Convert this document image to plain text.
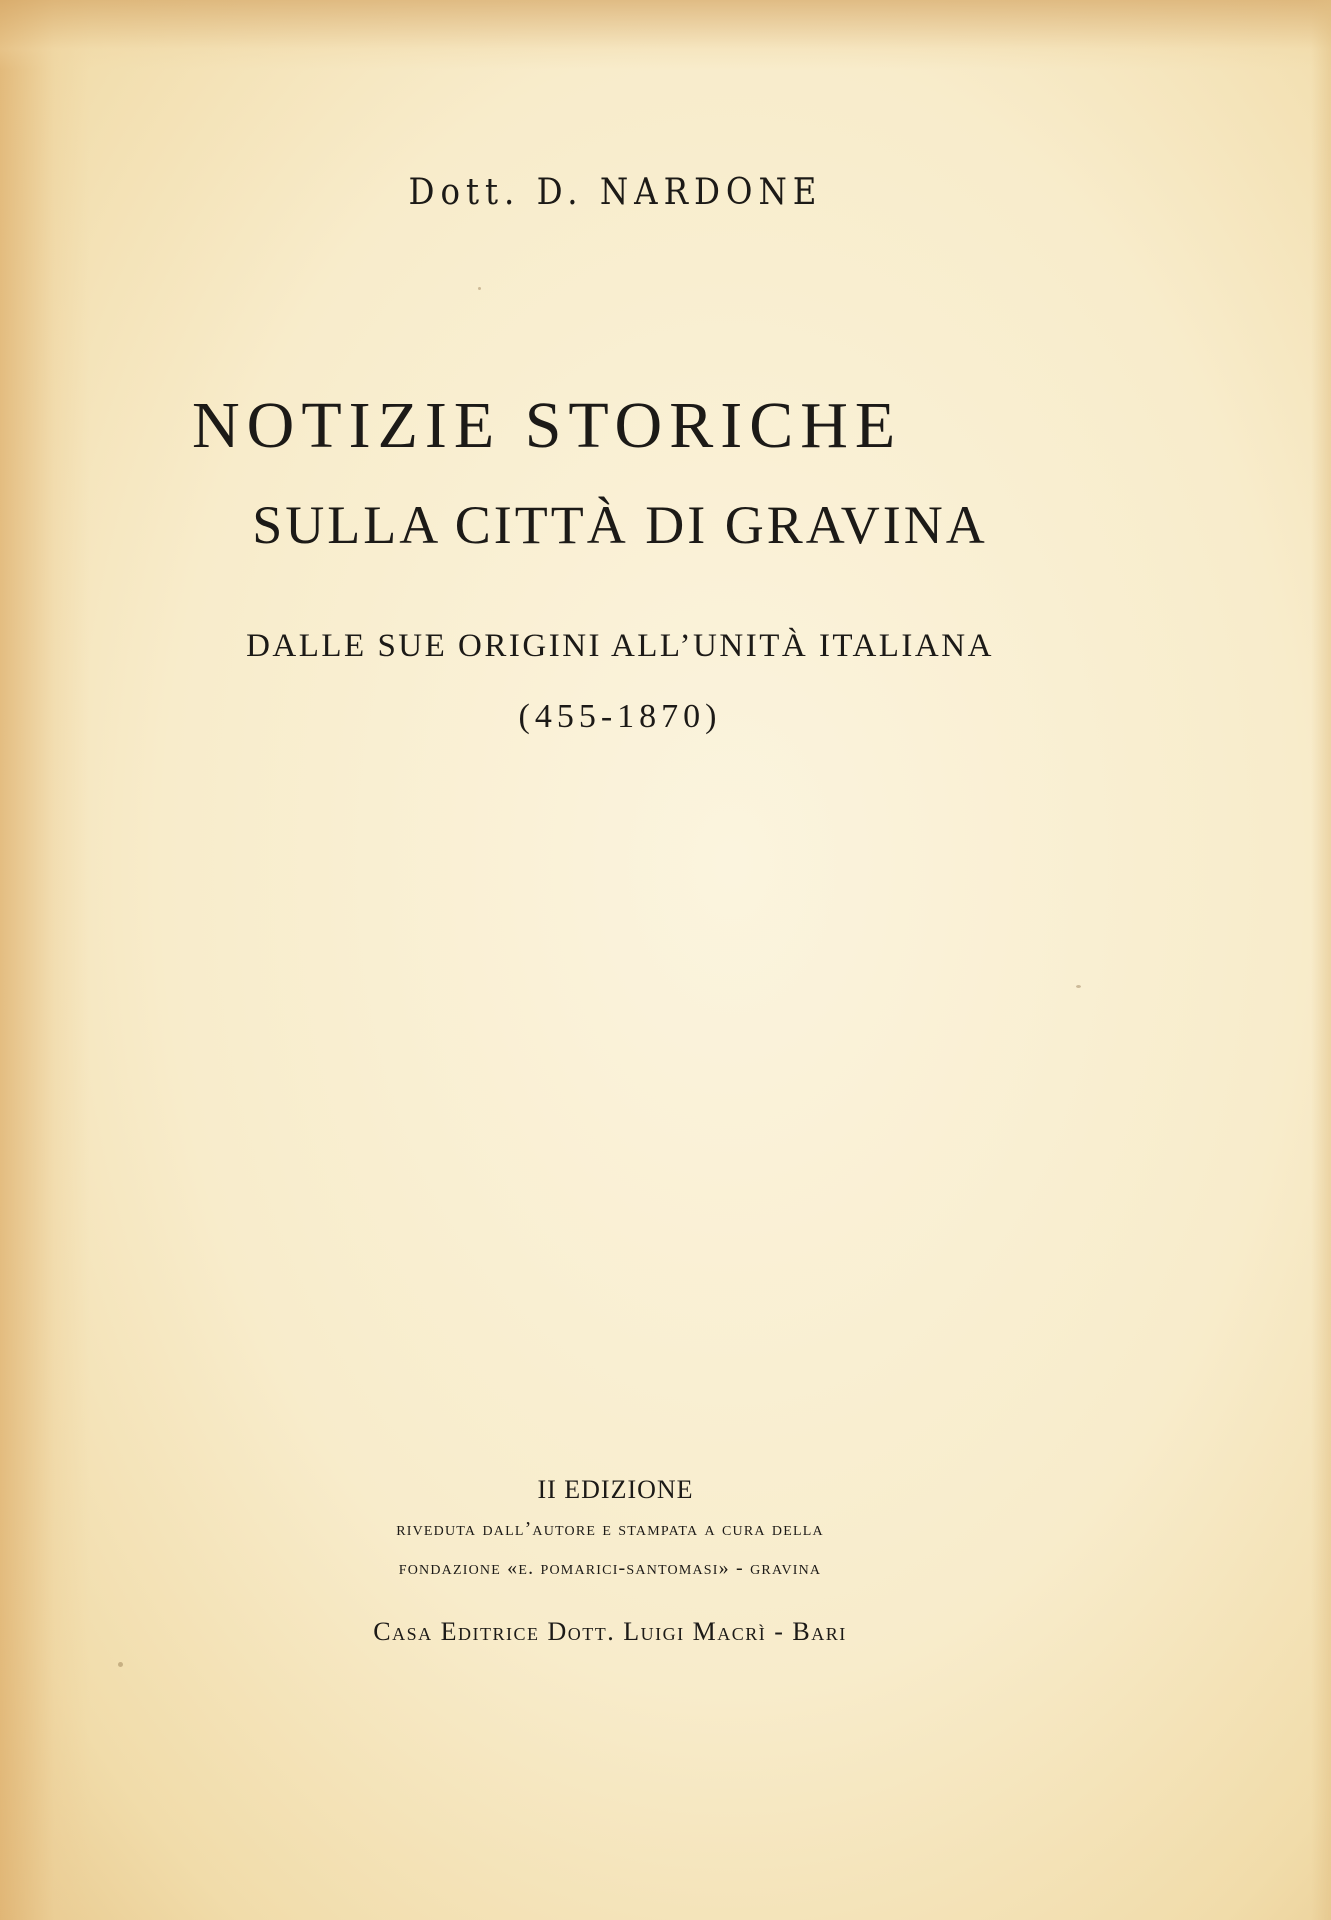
Dott. D. NARDONE
NOTIZIE STORICHE
SULLA CITTÀ DI GRAVINA
DALLE SUE ORIGINI ALL’UNITÀ ITALIANA
(455-1870)
II EDIZIONE
riveduta dall’autore e stampata a cura della
fondazione «e. pomarici-santomasi» - gravina
Casa Editrice Dott. Luigi Macrì - Bari
